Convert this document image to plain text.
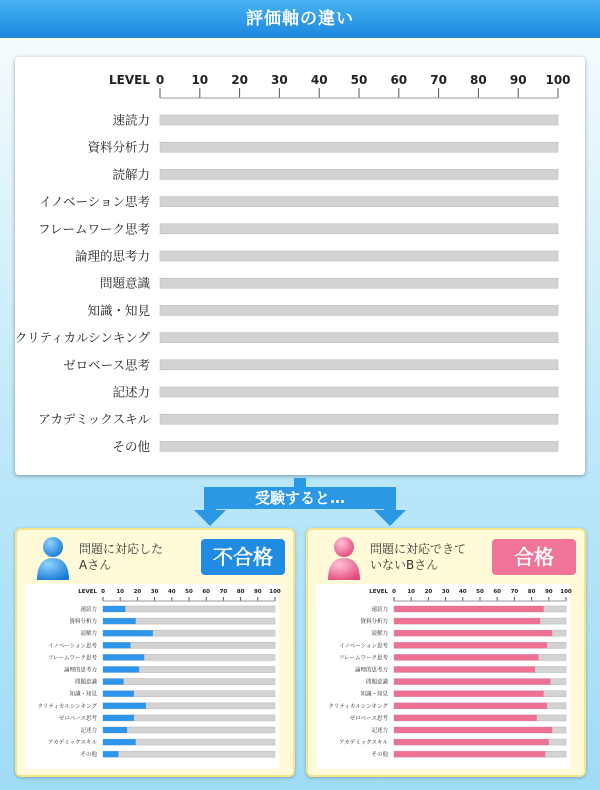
評価軸の違い
LEVEL 0 10 20 30 40 50 60 70 80 90 100
速読力
資料分析力
読解力
イノベーション思考
フレームワーク思考
論理的思考力
問題意識
知識・知見
クリティカルシンキング
ゼロベース思考
記述力
アカデミックスキル
その他
受験すると…
問題に対応した
Aさん	不合格
LEVEL 0 10 20 30 40 50 60 70 80 90 100
速読力
資料分析力
読解力
イノベーション思考
フレームワーク思考
論理的思考力
問題意識
知識・知見
クリティカルシンキング
ゼロベース思考
記述力
アカデミックスキル
その他
問題に対応できて
いないBさん	合格
LEVEL 0 10 20 30 40 50 60 70 80 90 100
速読力
資料分析力
読解力
イノベーション思考
フレームワーク思考
論理的思考力
問題意識
知識・知見
クリティカルシンキング
ゼロベース思考
記述力
アカデミックスキル
その他
